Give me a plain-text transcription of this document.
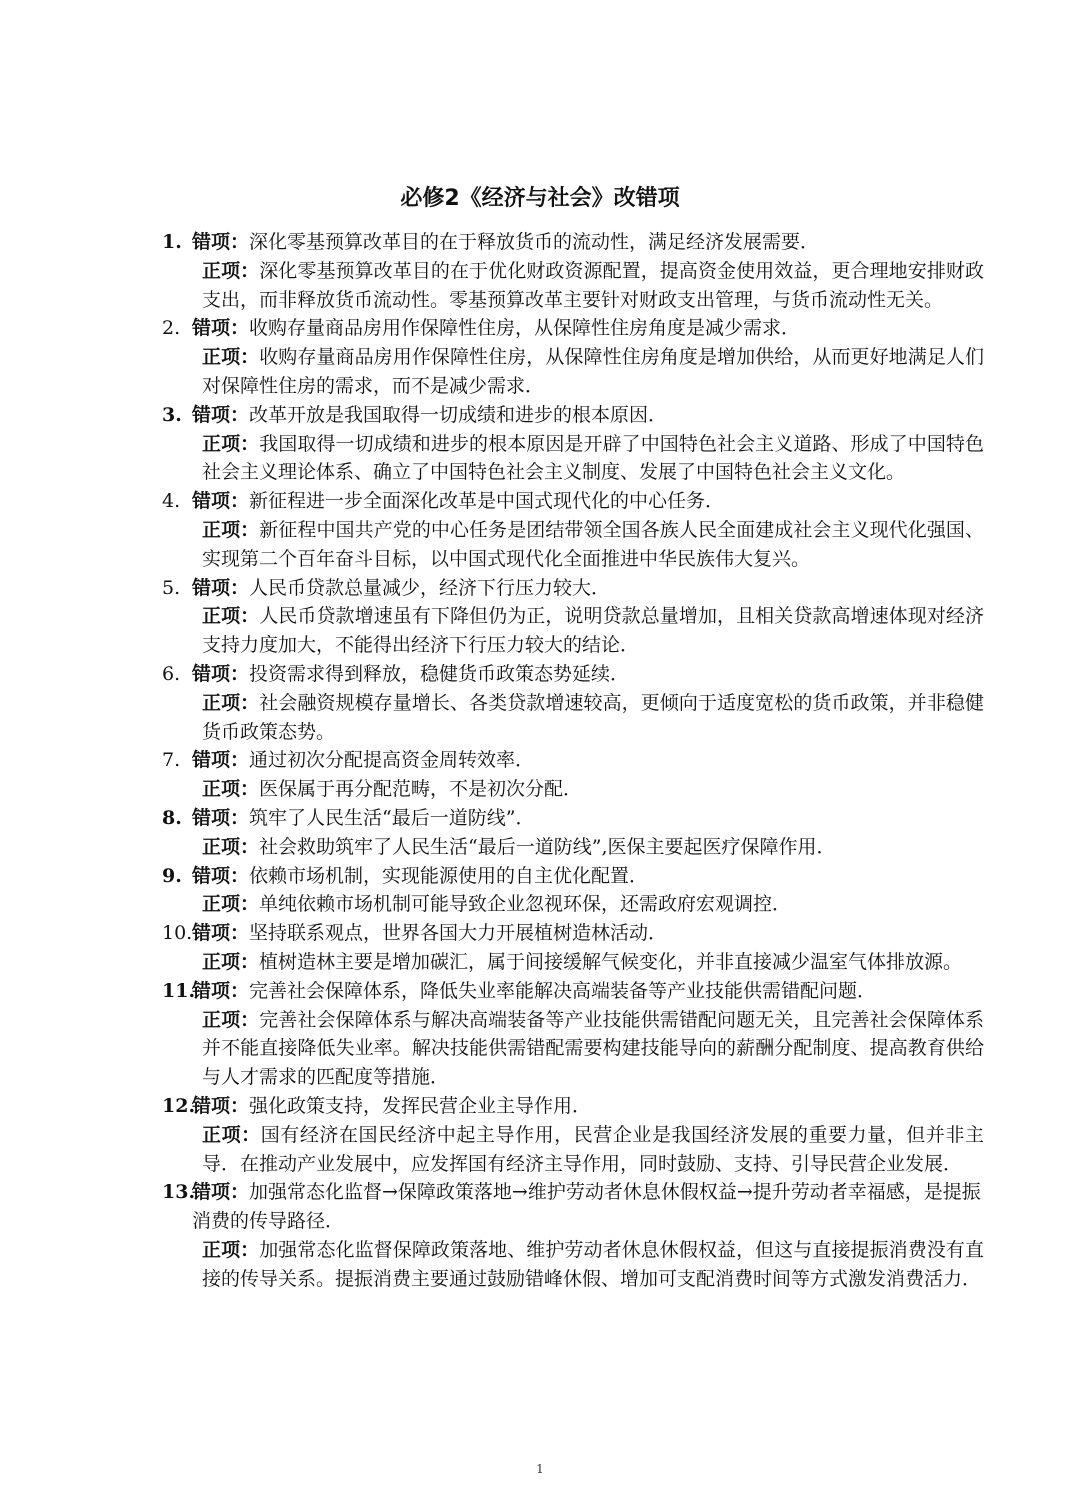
必修2《经济与社会》改错项
1. 错项：深化零基预算改革目的在于释放货币的流动性，满足经济发展需要．
正项：深化零基预算改革目的在于优化财政资源配置，提高资金使用效益，更合理地安排财政支出，而非释放货币流动性。零基预算改革主要针对财政支出管理，与货币流动性无关。
2. 错项：收购存量商品房用作保障性住房，从保障性住房角度是减少需求．
正项：收购存量商品房用作保障性住房，从保障性住房角度是增加供给，从而更好地满足人们对保障性住房的需求，而不是减少需求．
3. 错项：改革开放是我国取得一切成绩和进步的根本原因．
正项：我国取得一切成绩和进步的根本原因是开辟了中国特色社会主义道路、形成了中国特色社会主义理论体系、确立了中国特色社会主义制度、发展了中国特色社会主义文化。
4. 错项：新征程进一步全面深化改革是中国式现代化的中心任务．
正项：新征程中国共产党的中心任务是团结带领全国各族人民全面建成社会主义现代化强国、实现第二个百年奋斗目标，以中国式现代化全面推进中华民族伟大复兴。
5. 错项：人民币贷款总量减少，经济下行压力较大．
正项：人民币贷款增速虽有下降但仍为正，说明贷款总量增加，且相关贷款高增速体现对经济支持力度加大，不能得出经济下行压力较大的结论．
6. 错项：投资需求得到释放，稳健货币政策态势延续．
正项：社会融资规模存量增长、各类贷款增速较高，更倾向于适度宽松的货币政策，并非稳健货币政策态势。
7. 错项：通过初次分配提高资金周转效率．
正项：医保属于再分配范畴，不是初次分配．
8. 错项：筑牢了人民生活“最后一道防线”．
正项：社会救助筑牢了人民生活“最后一道防线”,医保主要起医疗保障作用．
9. 错项：依赖市场机制，实现能源使用的自主优化配置．
正项：单纯依赖市场机制可能导致企业忽视环保，还需政府宏观调控．
10. 错项：坚持联系观点，世界各国大力开展植树造林活动．
正项：植树造林主要是增加碳汇，属于间接缓解气候变化，并非直接减少温室气体排放源。
11.
错项：完善社会保障体系，降低失业率能解决高端装备等产业技能供需错配问题．
正项：完善社会保障体系与解决高端装备等产业技能供需错配问题无关，且完善社会保障体系并不能直接降低失业率。解决技能供需错配需要构建技能导向的薪酬分配制度、提高教育供给与人才需求的匹配度等措施．
12.
错项：强化政策支持，发挥民营企业主导作用．
正项：国有经济在国民经济中起主导作用，民营企业是我国经济发展的重要力量，但并非主导．在推动产业发展中，应发挥国有经济主导作用，同时鼓励、支持、引导民营企业发展．
13.
错项：加强常态化监督→保障政策落地→维护劳动者休息休假权益→提升劳动者幸福感，是提振消费的传导路径．
正项：加强常态化监督保障政策落地、维护劳动者休息休假权益，但这与直接提振消费没有直接的传导关系。提振消费主要通过鼓励错峰休假、增加可支配消费时间等方式激发消费活力．
1
